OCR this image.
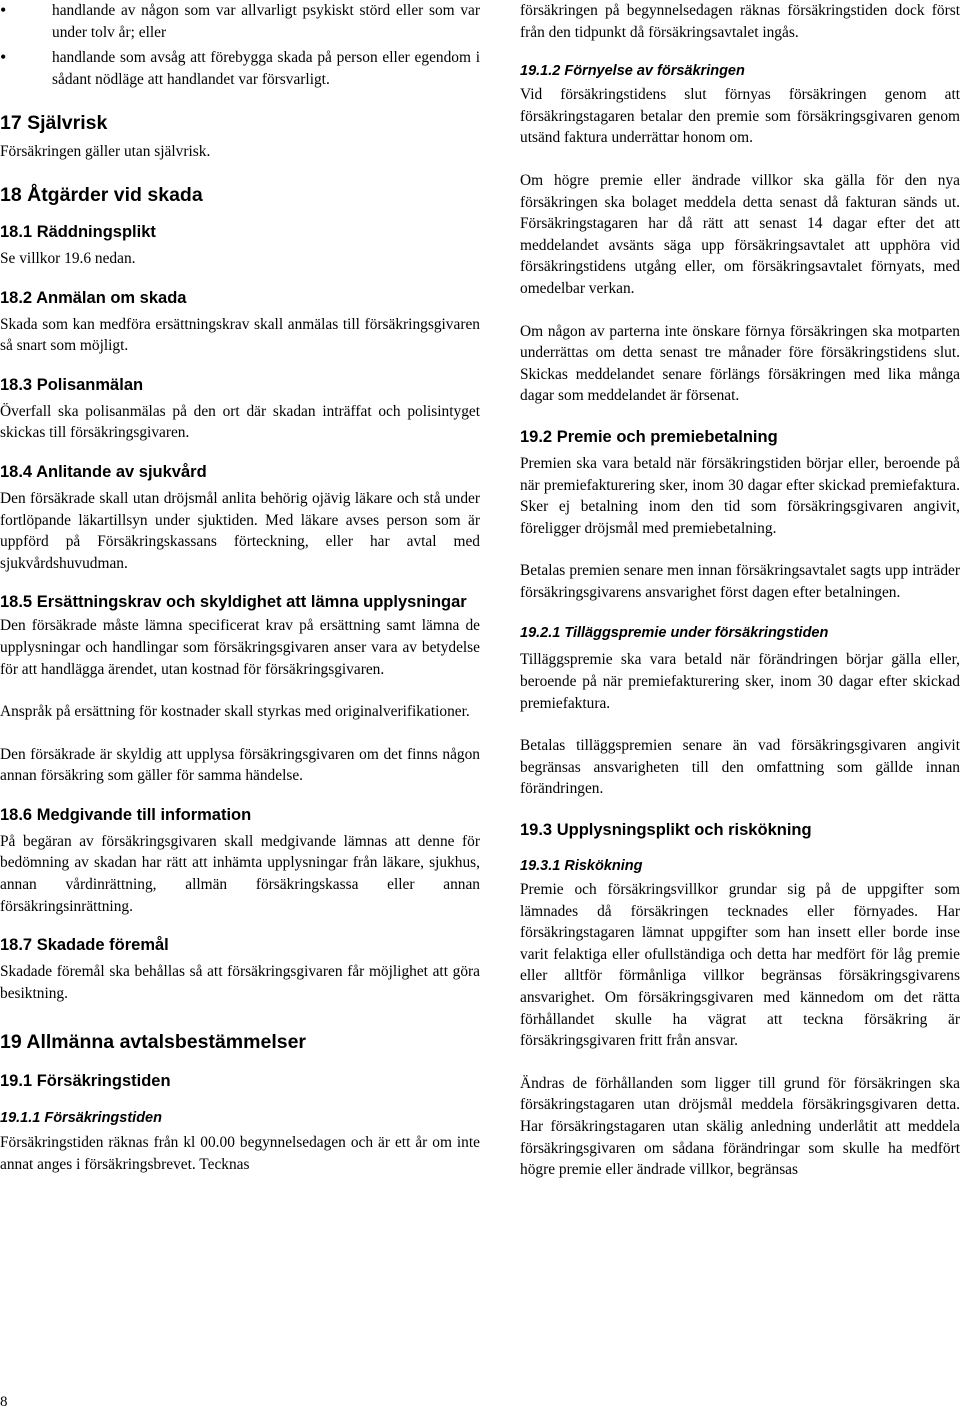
• handlande av någon som var allvarligt psykiskt störd eller som var under tolv år; eller
• handlande som avsåg att förebygga skada på person eller egendom i sådant nödläge att handlandet var försvarligt.
17 Självrisk

Försäkringen gäller utan självrisk.

18 Åtgärder vid skada
18.1 Räddningsplikt

Se villkor 19.6 nedan.

18.2 Anmälan om skada

Skada som kan medföra ersättningskrav skall anmälas till försäkringsgivaren så snart som möjligt.

18.3 Polisanmälan

Överfall ska polisanmälas på den ort där skadan inträffat och polisintyget skickas till försäkringsgivaren.

18.4 Anlitande av sjukvård

Den försäkrade skall utan dröjsmål anlita behörig ojävig läkare och stå under fortlöpande läkartillsyn under sjuktiden. Med läkare avses person som är uppförd på Försäkringskassans förteckning, eller har avtal med sjukvårdshuvudman.

18.5 Ersättningskrav och skyldighet att lämna upplysningar

Den försäkrade måste lämna specificerat krav på ersättning samt lämna de upplysningar och handlingar som försäkringsgivaren anser vara av betydelse för att handlägga ärendet, utan kostnad för försäkringsgivaren.

Anspråk på ersättning för kostnader skall styrkas med originalverifikationer.

Den försäkrade är skyldig att upplysa försäkringsgivaren om det finns någon annan försäkring som gäller för samma händelse.

18.6 Medgivande till information

På begäran av försäkringsgivaren skall medgivande lämnas att denne för bedömning av skadan har rätt att inhämta upplysningar från läkare, sjukhus, annan vårdinrättning, allmän försäkringskassa eller annan försäkringsinrättning.

18.7 Skadade föremål

Skadade föremål ska behållas så att försäkringsgivaren får möjlighet att göra besiktning.

19 Allmänna avtalsbestämmelser
19.1 Försäkringstiden
19.1.1 Försäkringstiden

Försäkringstiden räknas från kl 00.00 begynnelsedagen och är ett år om inte annat anges i försäkringsbrevet. Tecknas

försäkringen på begynnelsedagen räknas försäkringstiden dock först från den tidpunkt då försäkringsavtalet ingås.

19.1.2 Förnyelse av försäkringen

Vid försäkringstidens slut förnyas försäkringen genom att försäkringstagaren betalar den premie som försäkringsgivaren genom utsänd faktura underrättar honom om.

Om högre premie eller ändrade villkor ska gälla för den nya försäkringen ska bolaget meddela detta senast då fakturan sänds ut. Försäkringstagaren har då rätt att senast 14 dagar efter det att meddelandet avsänts säga upp försäkringsavtalet att upphöra vid försäkringstidens utgång eller, om försäkringsavtalet förnyats, med omedelbar verkan.

Om någon av parterna inte önskare förnya försäkringen ska motparten underrättas om detta senast tre månader före försäkringstidens slut. Skickas meddelandet senare förlängs försäkringen med lika många dagar som meddelandet är försenat.

19.2 Premie och premiebetalning

Premien ska vara betald när försäkringstiden börjar eller, beroende på när premiefakturering sker, inom 30 dagar efter skickad premiefaktura. Sker ej betalning inom den tid som försäkringsgivaren angivit, föreligger dröjsmål med premiebetalning.

Betalas premien senare men innan försäkringsavtalet sagts upp inträder försäkringsgivarens ansvarighet först dagen efter betalningen.

19.2.1 Tilläggspremie under försäkringstiden

Tilläggspremie ska vara betald när förändringen börjar gälla eller, beroende på när premiefakturering sker, inom 30 dagar efter skickad premiefaktura.

Betalas tilläggspremien senare än vad försäkringsgivaren angivit begränsas ansvarigheten till den omfattning som gällde innan förändringen.

19.3 Upplysningsplikt och riskökning
19.3.1 Riskökning

Premie och försäkringsvillkor grundar sig på de uppgifter som lämnades då försäkringen tecknades eller förnyades. Har försäkringstagaren lämnat uppgifter som han insett eller borde inse varit felaktiga eller ofullständiga och detta har medfört för låg premie eller alltför förmånliga villkor begränsas försäkringsgivarens ansvarighet. Om försäkringsgivaren med kännedom om det rätta förhållandet skulle ha vägrat att teckna försäkring är försäkringsgivaren fritt från ansvar.

Ändras de förhållanden som ligger till grund för försäkringen ska försäkringstagaren utan dröjsmål meddela försäkringsgivaren detta. Har försäkringstagaren utan skälig anledning underlåtit att meddela försäkringsgivaren om sådana förändringar som skulle ha medfört högre premie eller ändrade villkor, begränsas

8
